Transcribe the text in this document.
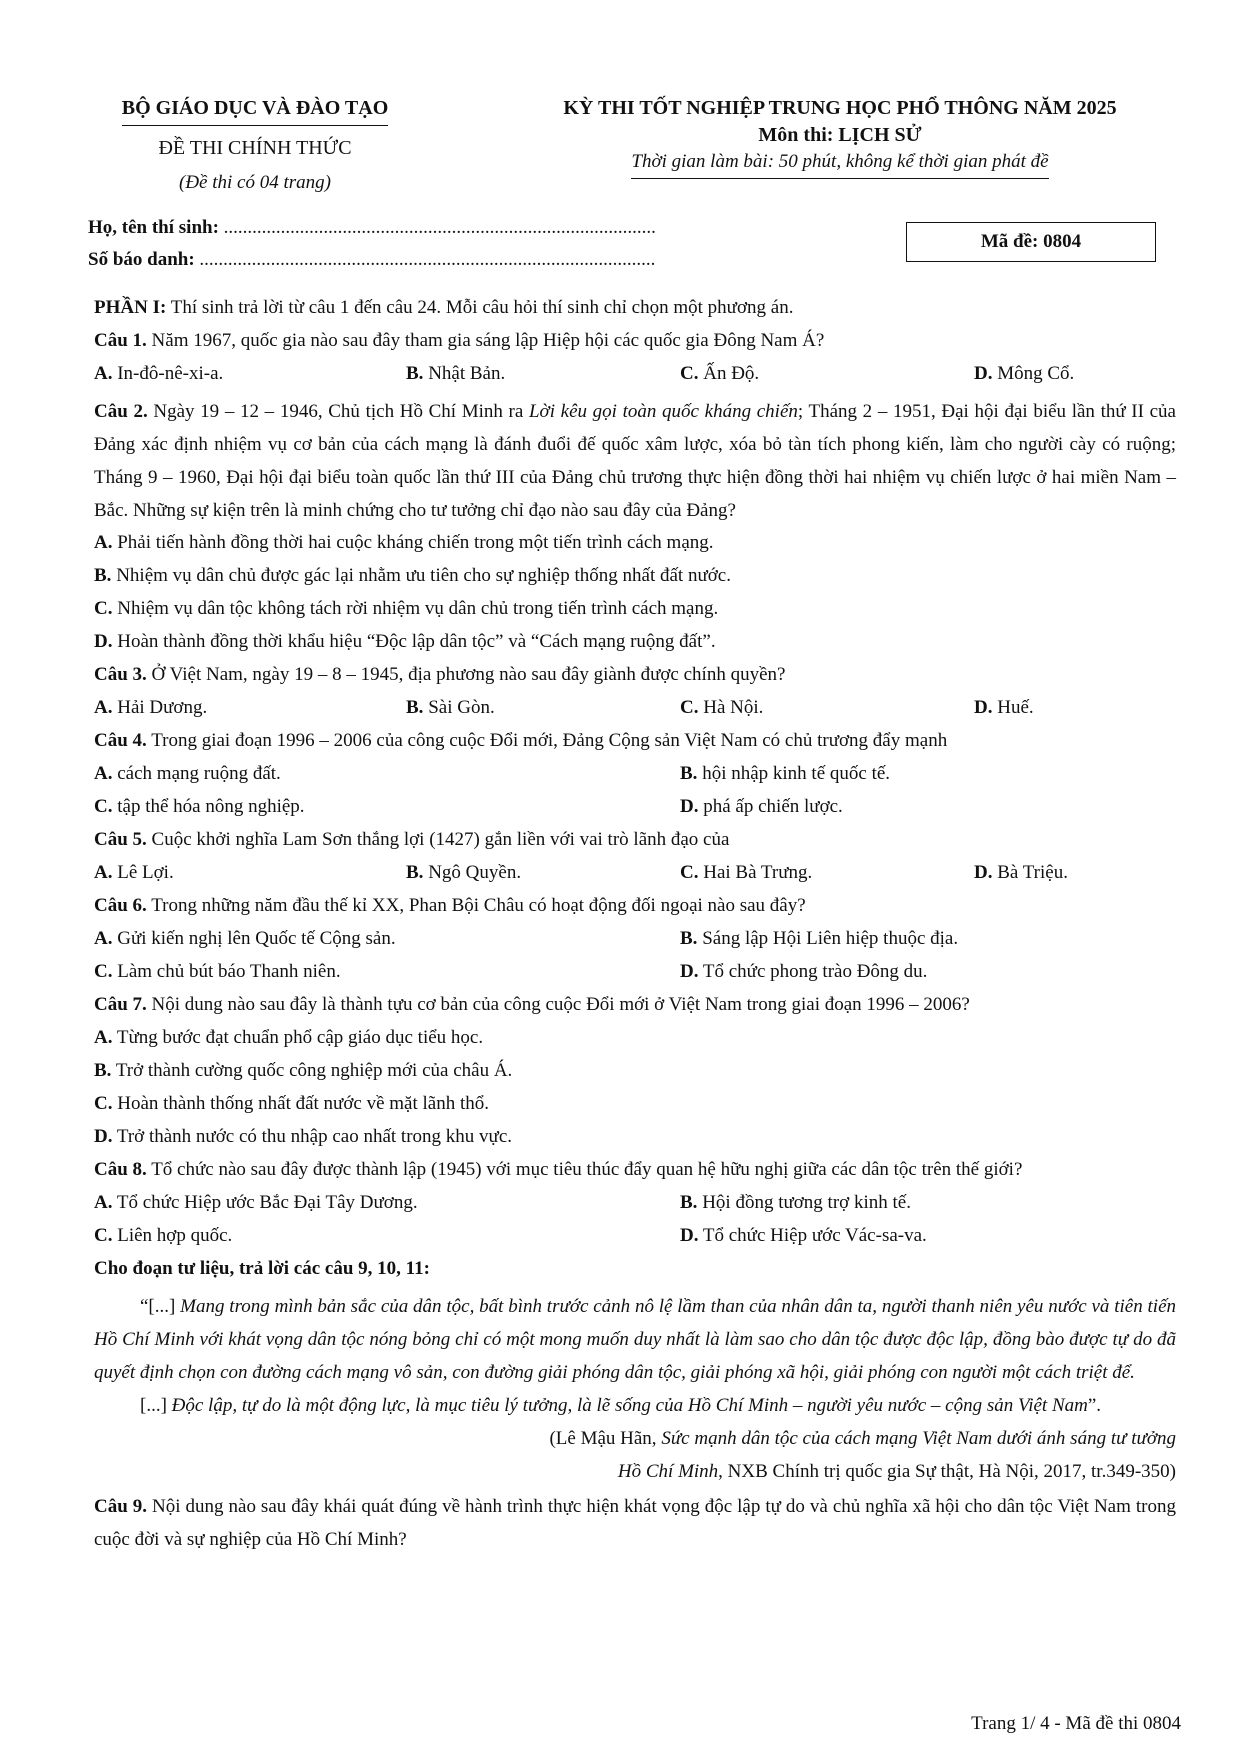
BỘ GIÁO DỤC VÀ ĐÀO TẠO
ĐỀ THI CHÍNH THỨC
(Đề thi có 04 trang)
KỲ THI TỐT NGHIỆP TRUNG HỌC PHỔ THÔNG NĂM 2025
Môn thi: LỊCH SỬ
Thời gian làm bài: 50 phút, không kể thời gian phát đề
Họ, tên thí sinh: ...........................................................................................
Số báo danh: ................................................................................................
Mã đề: 0804
PHẦN I: Thí sinh trả lời từ câu 1 đến câu 24. Mỗi câu hỏi thí sinh chỉ chọn một phương án.
Câu 1. Năm 1967, quốc gia nào sau đây tham gia sáng lập Hiệp hội các quốc gia Đông Nam Á?
A. In-đô-nê-xi-a.	B. Nhật Bản.	C. Ấn Độ.	D. Mông Cổ.
Câu 2. Ngày 19 – 12 – 1946, Chủ tịch Hồ Chí Minh ra Lời kêu gọi toàn quốc kháng chiến; Tháng 2 – 1951, Đại hội đại biểu lần thứ II của Đảng xác định nhiệm vụ cơ bản của cách mạng là đánh đuổi đế quốc xâm lược, xóa bỏ tàn tích phong kiến, làm cho người cày có ruộng; Tháng 9 – 1960, Đại hội đại biểu toàn quốc lần thứ III của Đảng chủ trương thực hiện đồng thời hai nhiệm vụ chiến lược ở hai miền Nam – Bắc. Những sự kiện trên là minh chứng cho tư tưởng chỉ đạo nào sau đây của Đảng?
A. Phải tiến hành đồng thời hai cuộc kháng chiến trong một tiến trình cách mạng.
B. Nhiệm vụ dân chủ được gác lại nhằm ưu tiên cho sự nghiệp thống nhất đất nước.
C. Nhiệm vụ dân tộc không tách rời nhiệm vụ dân chủ trong tiến trình cách mạng.
D. Hoàn thành đồng thời khẩu hiệu “Độc lập dân tộc” và “Cách mạng ruộng đất”.
Câu 3. Ở Việt Nam, ngày 19 – 8 – 1945, địa phương nào sau đây giành được chính quyền?
A. Hải Dương.	B. Sài Gòn.	C. Hà Nội.	D. Huế.
Câu 4. Trong giai đoạn 1996 – 2006 của công cuộc Đổi mới, Đảng Cộng sản Việt Nam có chủ trương đẩy mạnh
A. cách mạng ruộng đất.	B. hội nhập kinh tế quốc tế.
C. tập thể hóa nông nghiệp.	D. phá ấp chiến lược.
Câu 5. Cuộc khởi nghĩa Lam Sơn thắng lợi (1427) gắn liền với vai trò lãnh đạo của
A. Lê Lợi.	B. Ngô Quyền.	C. Hai Bà Trưng.	D. Bà Triệu.
Câu 6. Trong những năm đầu thế kỉ XX, Phan Bội Châu có hoạt động đối ngoại nào sau đây?
A. Gửi kiến nghị lên Quốc tế Cộng sản.	B. Sáng lập Hội Liên hiệp thuộc địa.
C. Làm chủ bút báo Thanh niên.	D. Tổ chức phong trào Đông du.
Câu 7. Nội dung nào sau đây là thành tựu cơ bản của công cuộc Đổi mới ở Việt Nam trong giai đoạn 1996 – 2006?
A. Từng bước đạt chuẩn phổ cập giáo dục tiểu học.
B. Trở thành cường quốc công nghiệp mới của châu Á.
C. Hoàn thành thống nhất đất nước về mặt lãnh thổ.
D. Trở thành nước có thu nhập cao nhất trong khu vực.
Câu 8. Tổ chức nào sau đây được thành lập (1945) với mục tiêu thúc đẩy quan hệ hữu nghị giữa các dân tộc trên thế giới?
A. Tổ chức Hiệp ước Bắc Đại Tây Dương.	B. Hội đồng tương trợ kinh tế.
C. Liên hợp quốc.	D. Tổ chức Hiệp ước Vác-sa-va.
Cho đoạn tư liệu, trả lời các câu 9, 10, 11:
“[...] Mang trong mình bản sắc của dân tộc, bất bình trước cảnh nô lệ lầm than của nhân dân ta, người thanh niên yêu nước và tiên tiến Hồ Chí Minh với khát vọng dân tộc nóng bỏng chỉ có một mong muốn duy nhất là làm sao cho dân tộc được độc lập, đồng bào được tự do đã quyết định chọn con đường cách mạng vô sản, con đường giải phóng dân tộc, giải phóng xã hội, giải phóng con người một cách triệt để.
[...] Độc lập, tự do là một động lực, là mục tiêu lý tưởng, là lẽ sống của Hồ Chí Minh – người yêu nước – cộng sản Việt Nam”.
(Lê Mậu Hãn, Sức mạnh dân tộc của cách mạng Việt Nam dưới ánh sáng tư tưởng
Hồ Chí Minh, NXB Chính trị quốc gia Sự thật, Hà Nội, 2017, tr.349-350)
Câu 9. Nội dung nào sau đây khái quát đúng về hành trình thực hiện khát vọng độc lập tự do và chủ nghĩa xã hội cho dân tộc Việt Nam trong cuộc đời và sự nghiệp của Hồ Chí Minh?
Trang 1/ 4 - Mã đề thi 0804
